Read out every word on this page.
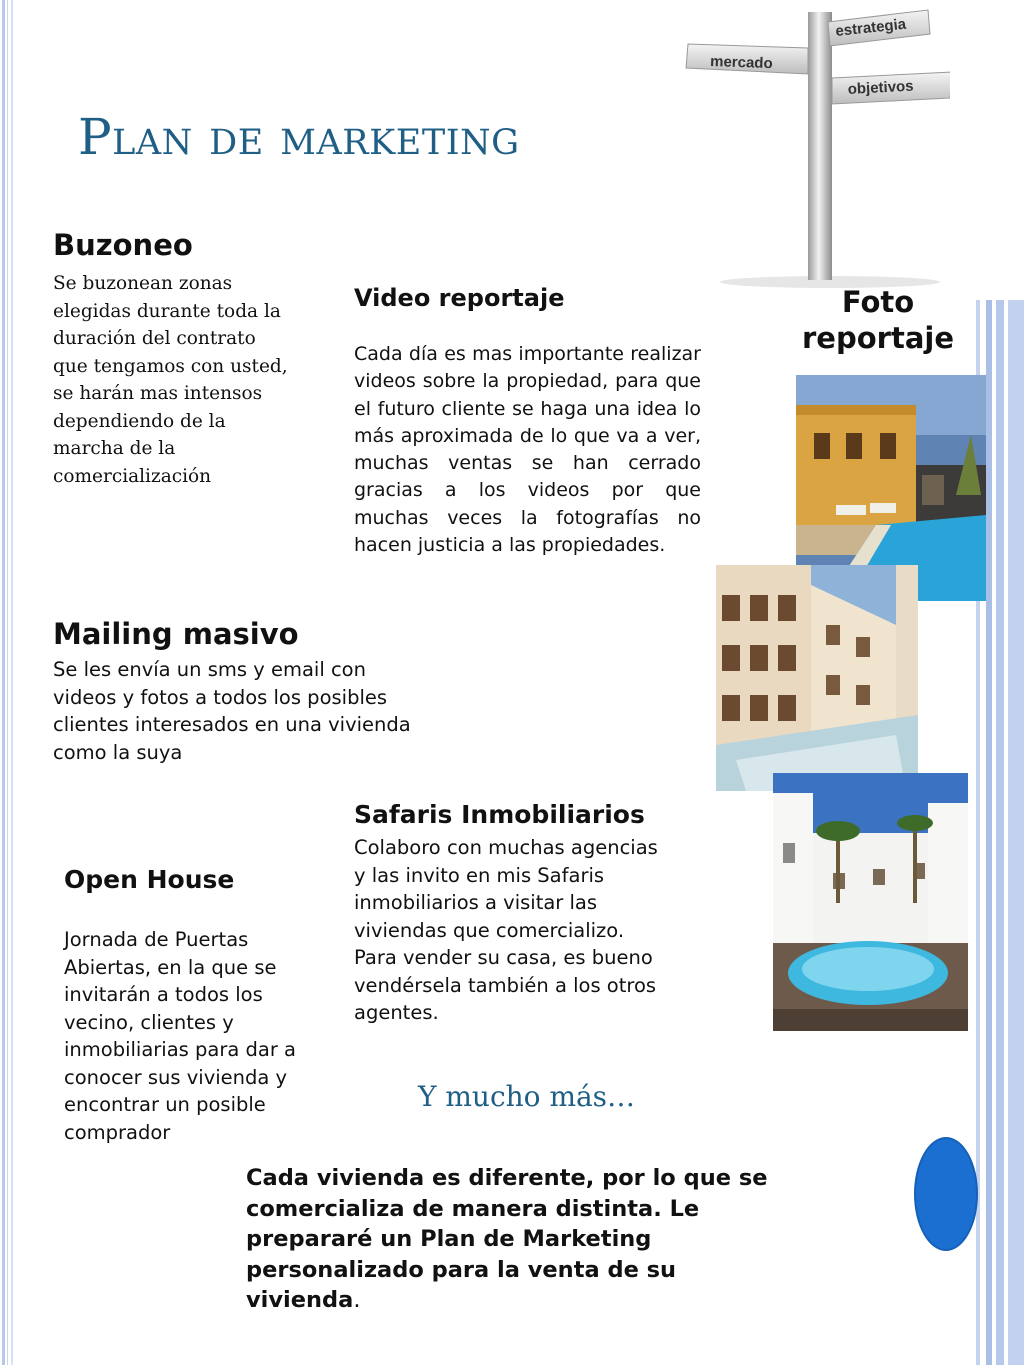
estrategia
mercado
objetivos
Plan de marketing
Buzoneo
Se buzonean zonas
elegidas durante toda la
duración del contrato
que tengamos con usted,
se harán mas intensos
dependiendo de la
marcha de la
comercialización
Video reportaje
Cada día es mas importante realizar videos sobre la propiedad, para que el futuro cliente se haga una idea lo más aproximada de lo que va a ver, muchas ventas se han cerrado gracias a los videos por que muchas veces la fotografías no hacen justicia a las propiedades.
Foto
reportaje
Mailing masivo
Se les envía un sms y email con
videos y fotos a todos los posibles
clientes interesados en una vivienda
como la suya
Safaris Inmobiliarios
Colaboro con muchas agencias
y las invito en mis Safaris
inmobiliarios a visitar las
viviendas que comercializo.
Para vender su casa, es bueno
vendérsela también a los otros
agentes.
Open House
Jornada de Puertas
Abiertas, en la que se
invitarán a todos los
vecino, clientes y
inmobiliarias para dar a
conocer sus vivienda y
encontrar un posible
comprador
Y mucho más…
Cada vivienda es diferente, por lo que se
comercializa de manera distinta. Le
prepararé un Plan de Marketing
personalizado para la venta de su
vivienda.
